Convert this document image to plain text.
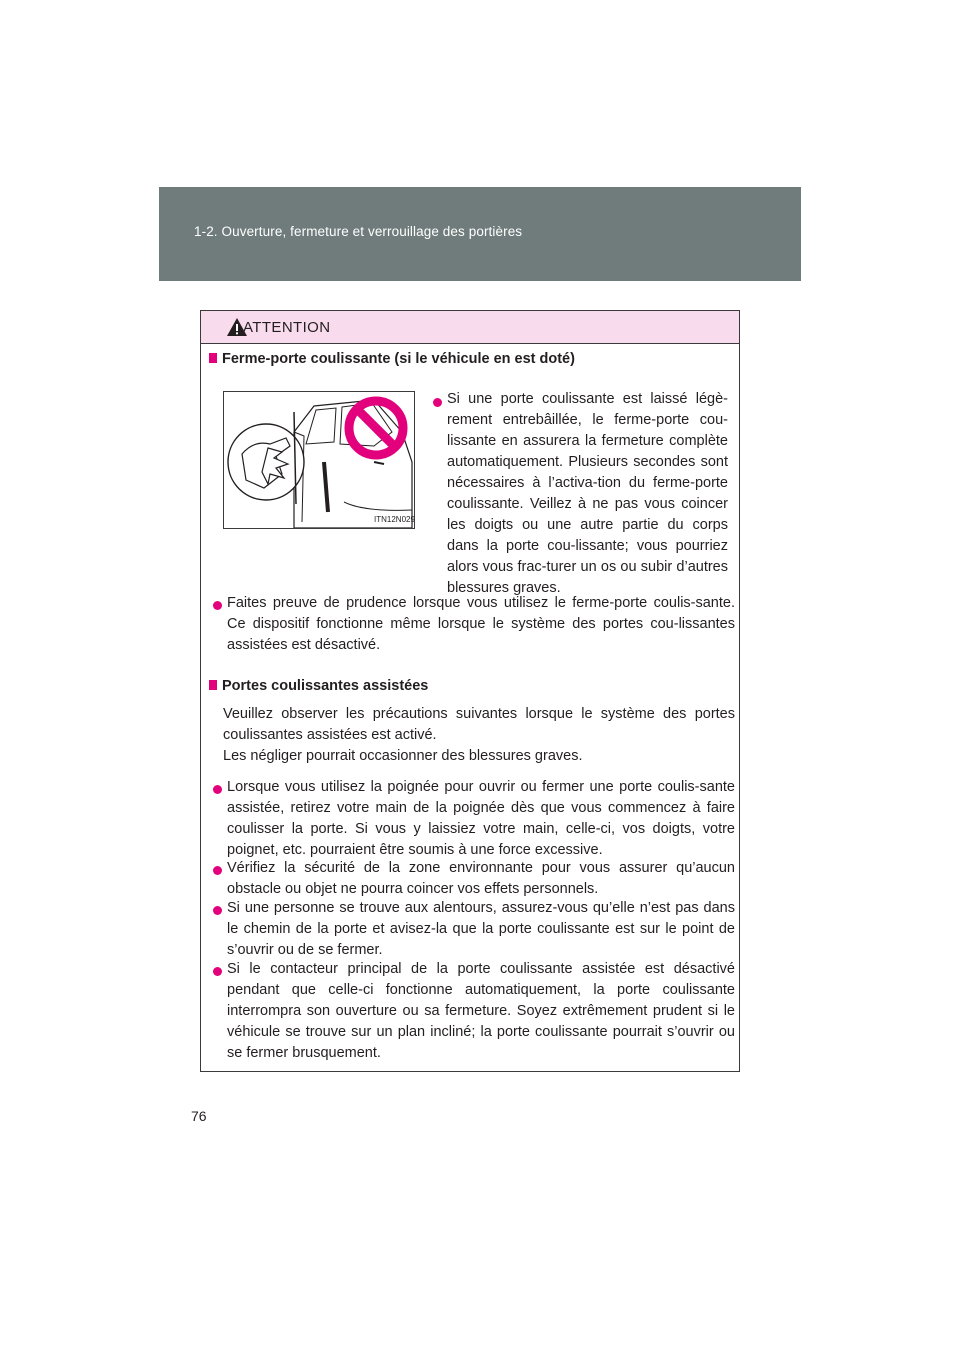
1-2. Ouverture, fermeture et verrouillage des portières
ATTENTION
Ferme-porte coulissante (si le véhicule en est doté)
ITN12N029
Si une porte coulissante est laissé légè-rement entrebâillée, le ferme-porte cou-lissante en assurera la fermeture complète automatiquement. Plusieurs secondes sont nécessaires à l’activa-tion du ferme-porte coulissante. Veillez à ne pas vous coincer les doigts ou une autre partie du corps dans la porte cou-lissante; vous pourriez alors vous frac-turer un os ou subir d’autres blessures graves.
Faites preuve de prudence lorsque vous utilisez le ferme-porte coulis-sante. Ce dispositif fonctionne même lorsque le système des portes cou-lissantes assistées est désactivé.
Portes coulissantes assistées
Veuillez observer les précautions suivantes lorsque le système des portes coulissantes assistées est activé.
Les négliger pourrait occasionner des blessures graves.
Lorsque vous utilisez la poignée pour ouvrir ou fermer une porte coulis-sante assistée, retirez votre main de la poignée dès que vous commencez à faire coulisser la porte. Si vous y laissiez votre main, celle-ci, vos doigts, votre poignet, etc. pourraient être soumis à une force excessive.
Vérifiez la sécurité de la zone environnante pour vous assurer qu’aucun obstacle ou objet ne pourra coincer vos effets personnels.
Si une personne se trouve aux alentours, assurez-vous qu’elle n’est pas dans le chemin de la porte et avisez-la que la porte coulissante est sur le point de s’ouvrir ou de se fermer.
Si le contacteur principal de la porte coulissante assistée est désactivé pendant que celle-ci fonctionne automatiquement, la porte coulissante interrompra son ouverture ou sa fermeture. Soyez extrêmement prudent si le véhicule se trouve sur un plan incliné; la porte coulissante pourrait s’ouvrir ou se fermer brusquement.
76
